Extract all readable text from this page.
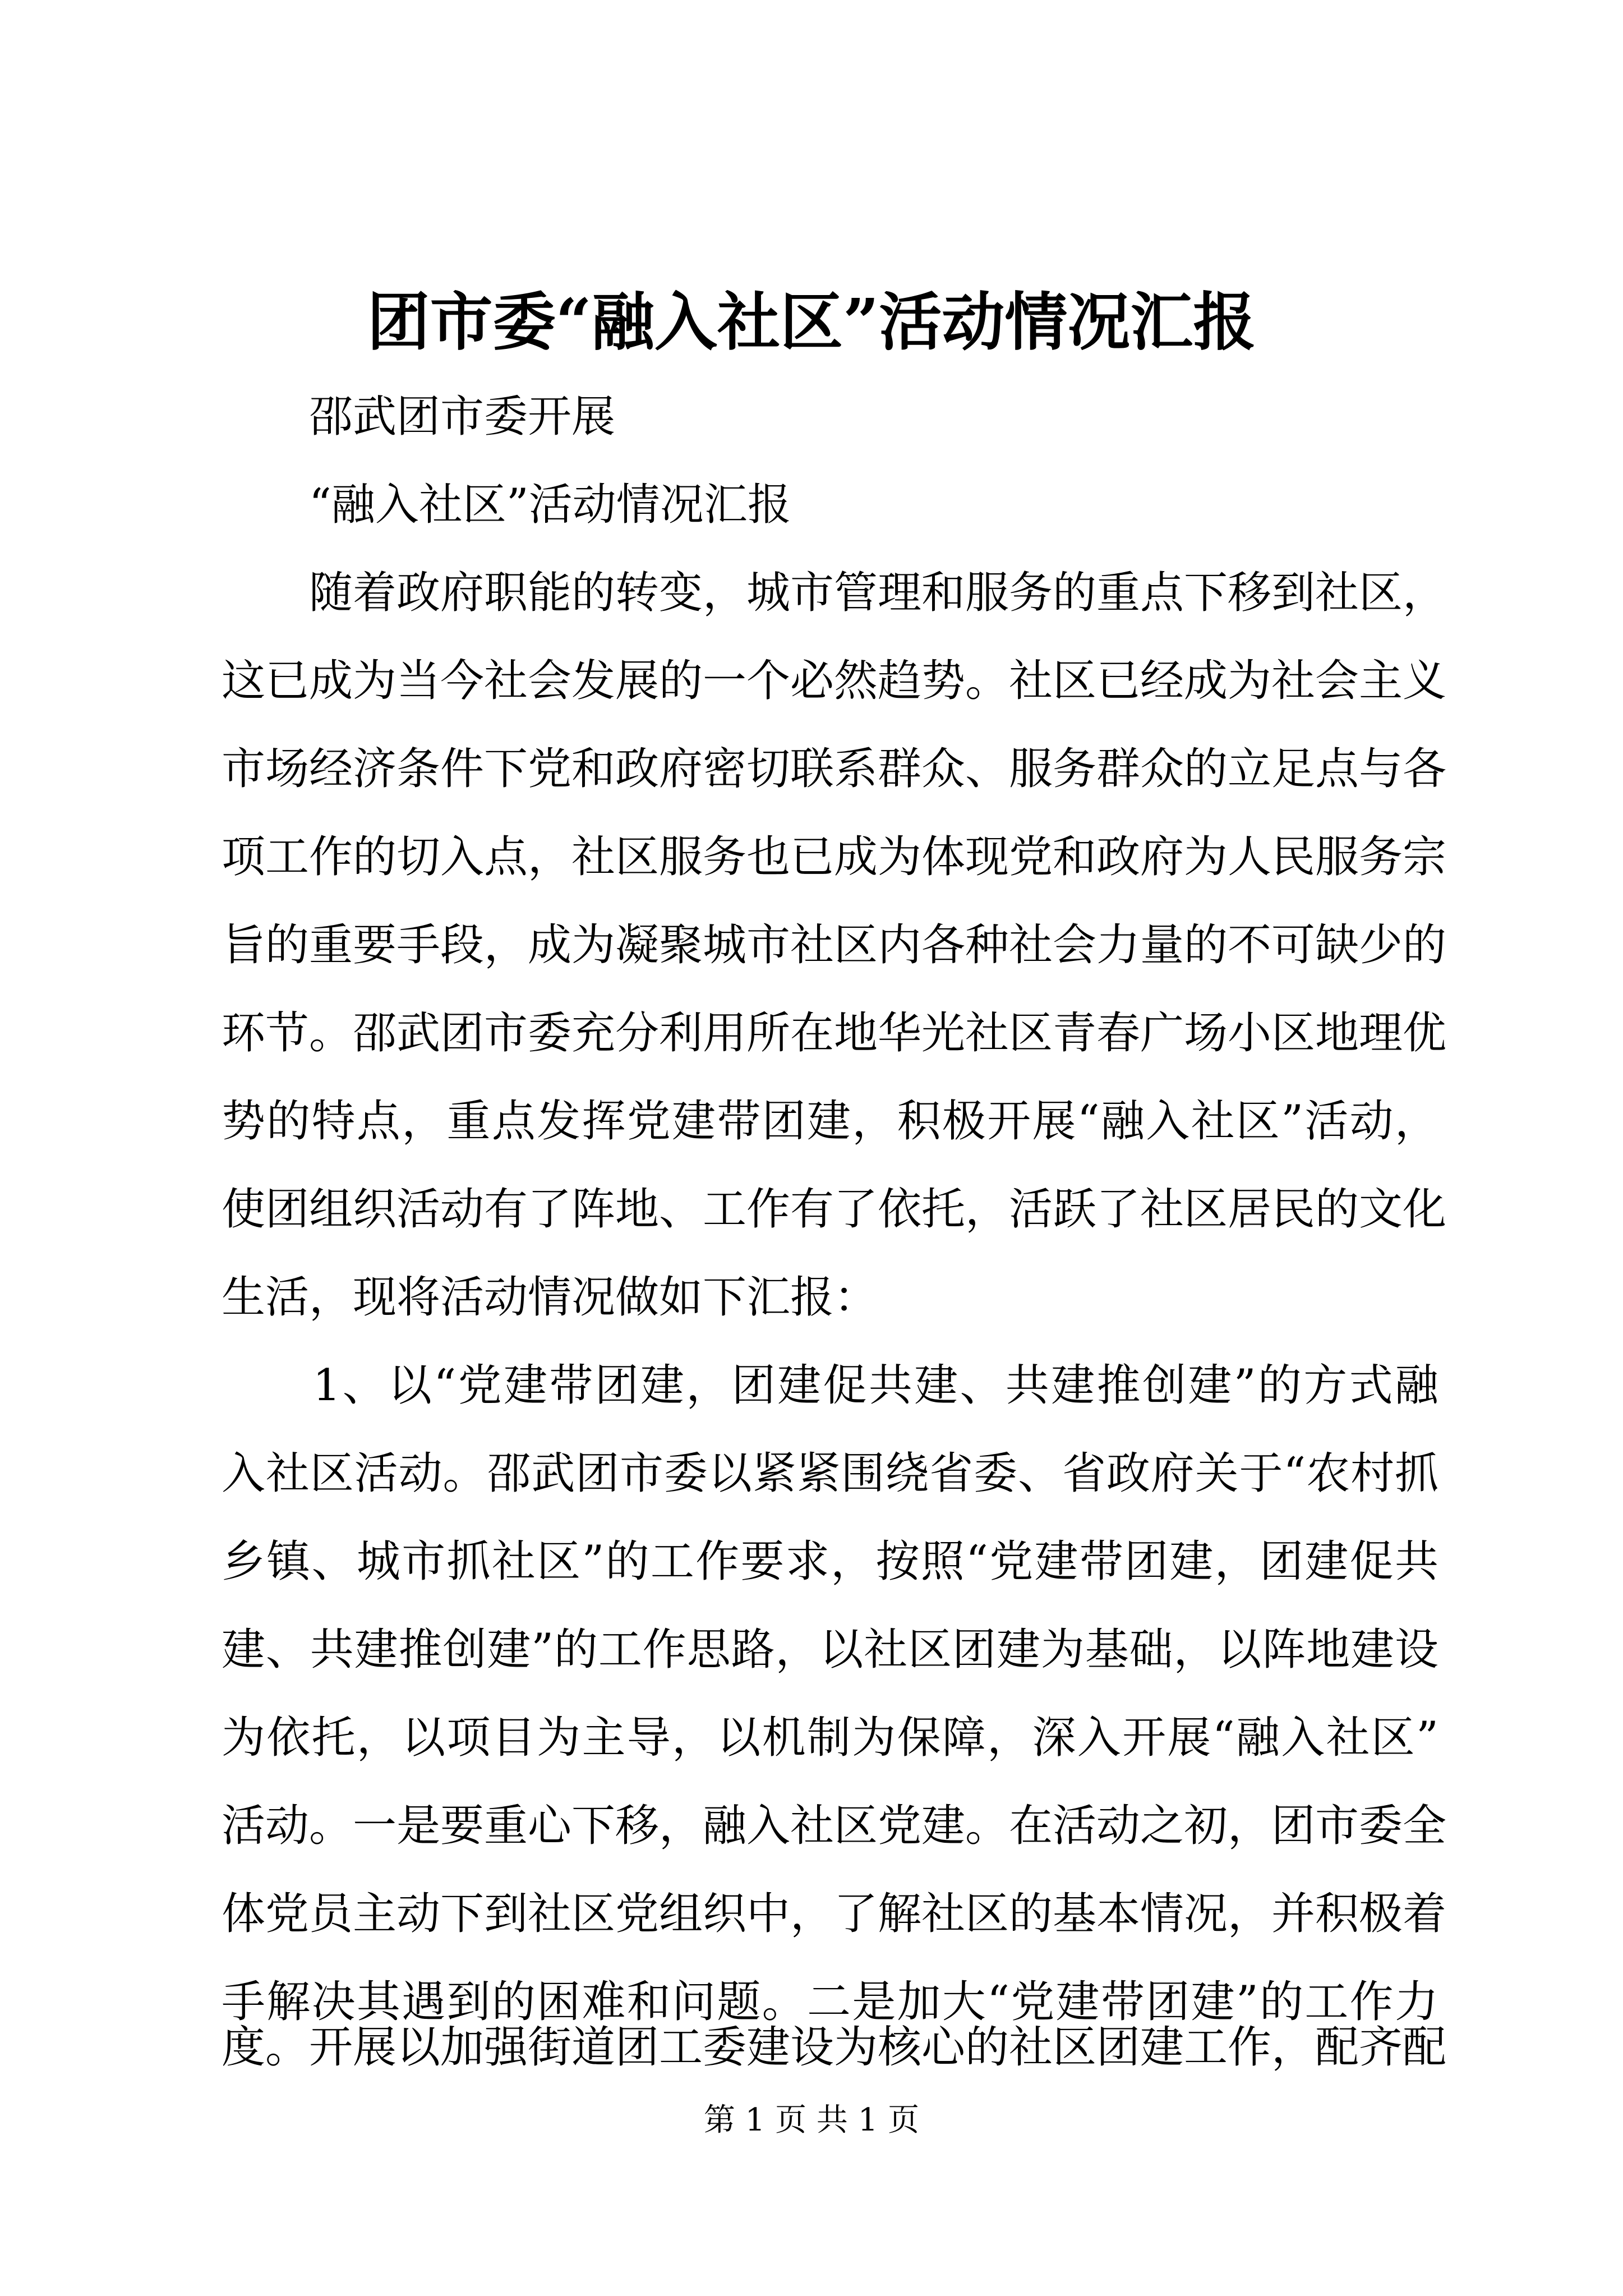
团市委“融入社区”活动情况汇报
　　邵武团市委开展
　　“融入社区”活动情况汇报
　　随着政府职能的转变，城市管理和服务的重点下移到社区，
这已成为当今社会发展的一个必然趋势。社区已经成为社会主义
市场经济条件下党和政府密切联系群众、服务群众的立足点与各
项工作的切入点，社区服务也已成为体现党和政府为人民服务宗
旨的重要手段，成为凝聚城市社区内各种社会力量的不可缺少的
环节。邵武团市委充分利用所在地华光社区青春广场小区地理优
势的特点，重点发挥党建带团建，积极开展“融入社区”活动，
使团组织活动有了阵地、工作有了依托，活跃了社区居民的文化
生活，现将活动情况做如下汇报：
　　1、以“党建带团建，团建促共建、共建推创建”的方式融
入社区活动。邵武团市委以紧紧围绕省委、省政府关于“农村抓
乡镇、城市抓社区”的工作要求，按照“党建带团建，团建促共
建、共建推创建”的工作思路，以社区团建为基础，以阵地建设
为依托，以项目为主导，以机制为保障，深入开展“融入社区”
活动。一是要重心下移，融入社区党建。在活动之初，团市委全
体党员主动下到社区党组织中，了解社区的基本情况，并积极着
手解决其遇到的困难和问题。二是加大“党建带团建”的工作力
度。开展以加强街道团工委建设为核心的社区团建工作，配齐配
第 1 页 共 1 页
